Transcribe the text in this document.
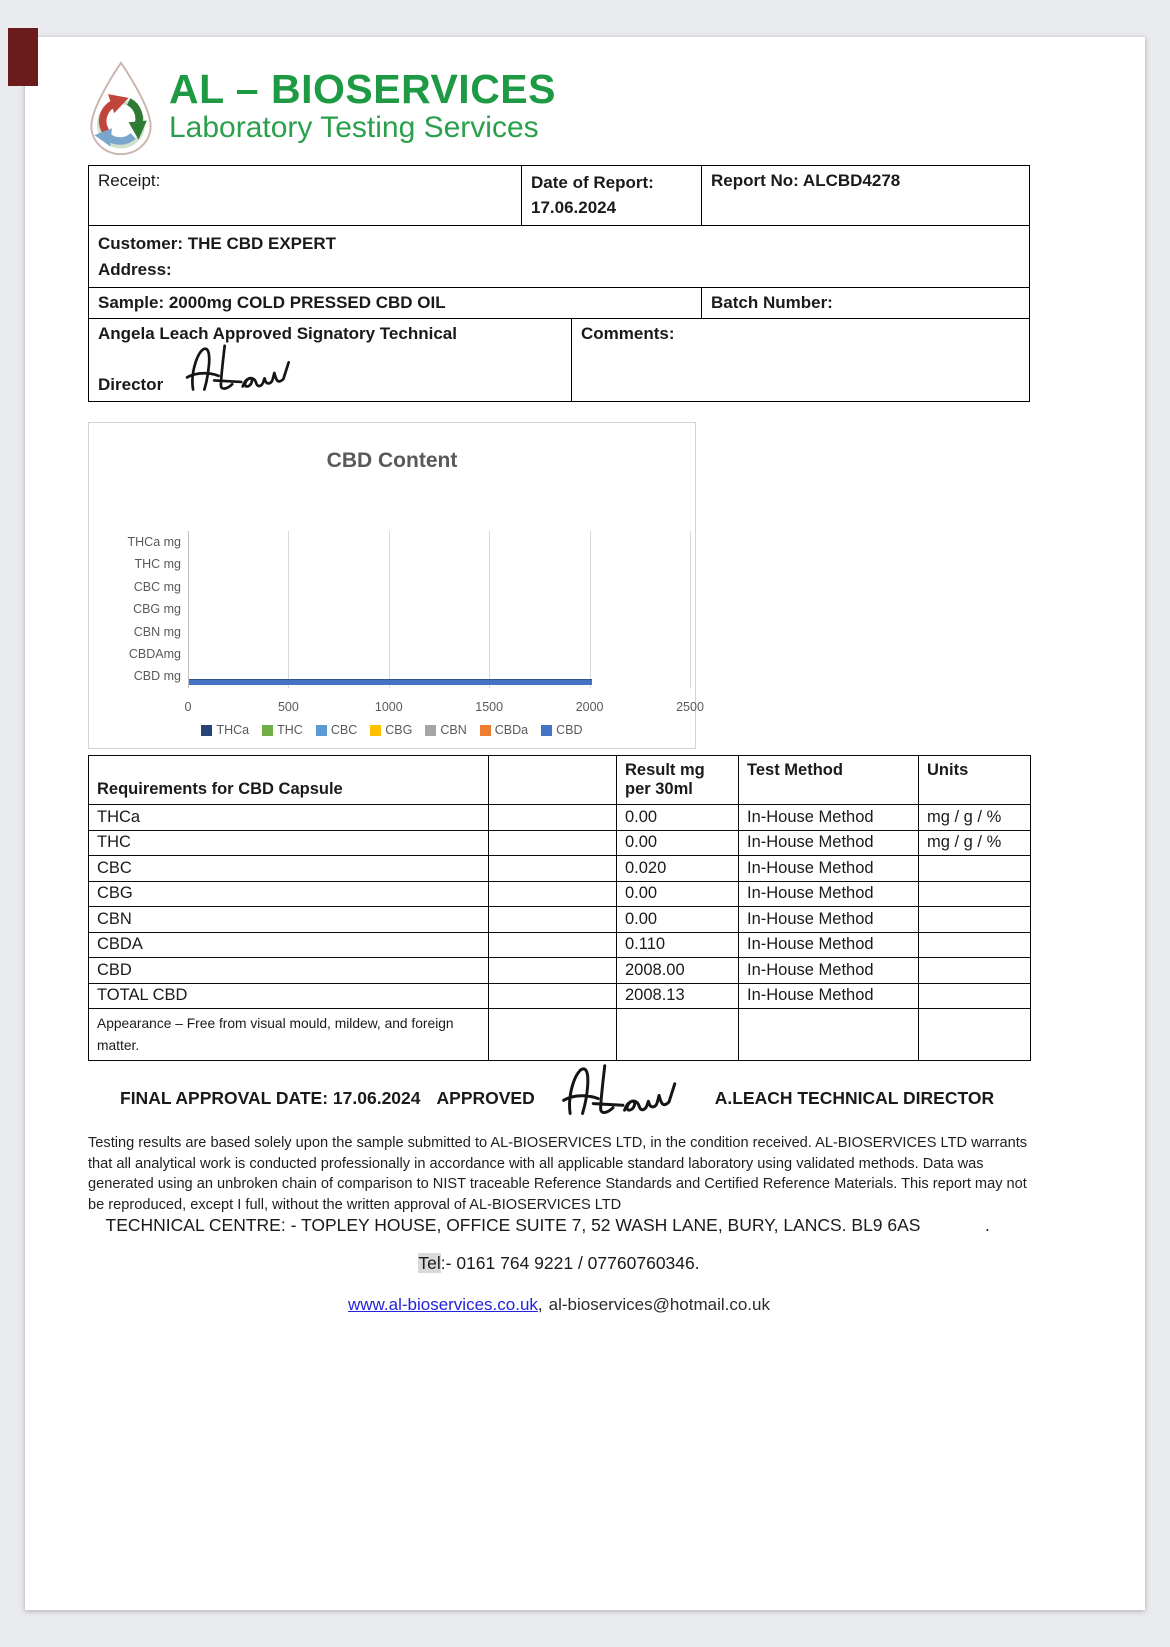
AL – BIOSERVICES
Laboratory Testing Services
Receipt:	Date of Report:
17.06.2024
Report No: ALCBD4278
Customer: THE CBD EXPERT
Address:
Sample: 2000mg COLD PRESSED CBD OIL	Batch Number:
Angela Leach Approved Signatory Technical
Director
Comments:
CBD Content
THCa mg
THC mg
CBC mg
CBG mg
CBN mg
CBDAmg
CBD mg
0	500	1000	1500	2000	2500
THCa THC CBC CBG CBN CBDa CBD
Requirements for CBD Capsule		Result mg per 30ml	Test Method	Units
THCa		0.00	In-House Method	mg / g / %
THC		0.00	In-House Method	mg / g / %
CBC		0.020	In-House Method	
CBG		0.00	In-House Method	
CBN		0.00	In-House Method	
CBDA		0.110	In-House Method	
CBD		2008.00	In-House Method	
TOTAL CBD		2008.13	In-House Method	

Appearance – Free from visual mould, mildew, and foreign matter.				

FINAL APPROVAL DATE: 17.06.2024 APPROVED	A.LEACH TECHNICAL DIRECTOR
Testing results are based solely upon the sample submitted to AL-BIOSERVICES LTD, in the condition received. AL-BIOSERVICES LTD warrants that all analytical work is conducted professionally in accordance with all applicable standard laboratory using validated methods. Data was generated using an unbroken chain of comparison to NIST traceable Reference Standards and Certified Reference Materials. This report may not be reproduced, except I full, without the written approval of AL-BIOSERVICES LTD
TECHNICAL CENTRE: - TOPLEY HOUSE, OFFICE SUITE 7, 52 WASH LANE, BURY, LANCS. BL9 6AS	.
Tel:- 0161 764 9221 / 07760760346.
www.al-bioservices.co.uk, al-bioservices@hotmail.co.uk
